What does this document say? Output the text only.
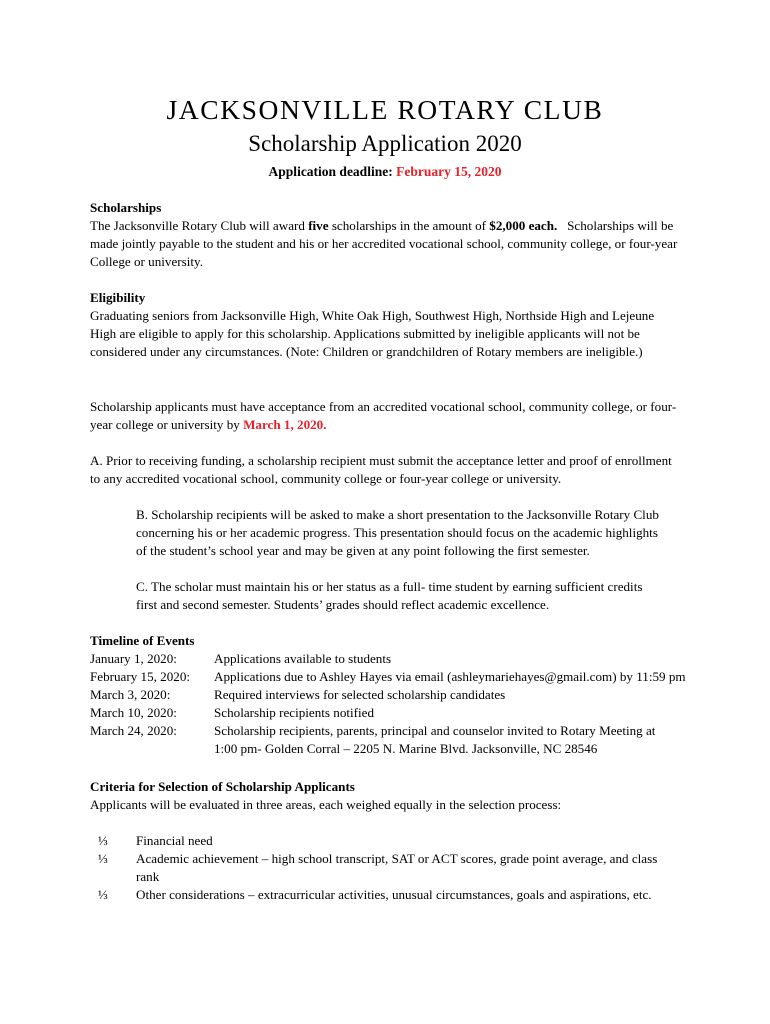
JACKSONVILLE ROTARY CLUB
Scholarship Application 2020
Application deadline: February 15, 2020

Scholarships

The Jacksonville Rotary Club will award five scholarships in the amount of $2,000 each.   Scholarships will be made jointly payable to the student and his or her accredited vocational school, community college, or four-year College or university.

Eligibility

Graduating seniors from Jacksonville High, White Oak High, Southwest High, Northside High and Lejeune High are eligible to apply for this scholarship. Applications submitted by ineligible applicants will not be considered under any circumstances. (Note: Children or grandchildren of Rotary members are ineligible.)

Scholarship applicants must have acceptance from an accredited vocational school, community college, or four-year college or university by March 1, 2020.

A. Prior to receiving funding, a scholarship recipient must submit the acceptance letter and proof of enrollment to any accredited vocational school, community college or four-year college or university.
B. Scholarship recipients will be asked to make a short presentation to the Jacksonville Rotary Club concerning his or her academic progress. This presentation should focus on the academic highlights of the student’s school year and may be given at any point following the first semester.
C. The scholar must maintain his or her status as a full- time student by earning sufficient credits first and second semester. Students’ grades should reflect academic excellence.

Timeline of Events

January 1, 2020:	Applications available to students
February 15, 2020: Applications due to Ashley Hayes via email (ashleymariehayes@gmail.com) by 11:59 pm
March 3, 2020:	Required interviews for selected scholarship candidates
March 10, 2020:	Scholarship recipients notified
March 24, 2020:	Scholarship recipients, parents, principal and counselor invited to Rotary Meeting at
1:00 pm- Golden Corral – 2205 N. Marine Blvd. Jacksonville, NC 28546

Criteria for Selection of Scholarship Applicants

Applicants will be evaluated in three areas, each weighed equally in the selection process:

⅓ Financial need
⅓ Academic achievement – high school transcript, SAT or ACT scores, grade point average, and class rank
⅓ Other considerations – extracurricular activities, unusual circumstances, goals and aspirations, etc.
